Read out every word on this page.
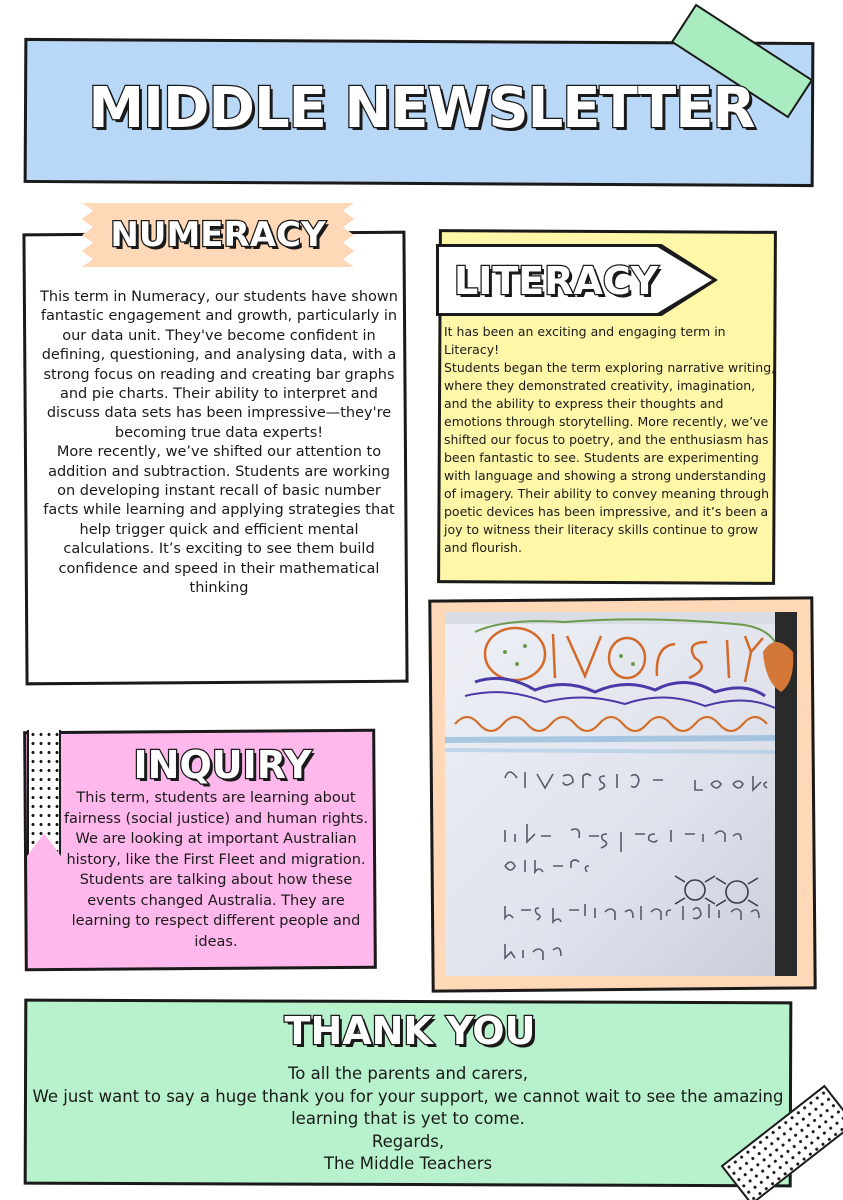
MIDDLE NEWSLETTER
NUMERACY
This term in Numeracy, our students have shown fantastic engagement and growth, particularly in our data unit. They've become confident in defining, questioning, and analysing data, with a strong focus on reading and creating bar graphs and pie charts. Their ability to interpret and discuss data sets has been impressive—they're becoming true data experts!
More recently, we’ve shifted our attention to addition and subtraction. Students are working on developing instant recall of basic number facts while learning and applying strategies that help trigger quick and efficient mental calculations. It’s exciting to see them build confidence and speed in their mathematical thinking
LITERACY
It has been an exciting and engaging term in Literacy!
Students began the term exploring narrative writing, where they demonstrated creativity, imagination, and the ability to express their thoughts and emotions through storytelling. More recently, we’ve shifted our focus to poetry, and the enthusiasm has been fantastic to see. Students are experimenting with language and showing a strong understanding of imagery. Their ability to convey meaning through poetic devices has been impressive, and it’s been a joy to witness their literacy skills continue to grow and flourish.
INQUIRY
This term, students are learning about fairness (social justice) and human rights. We are looking at important Australian history, like the First Fleet and migration. Students are talking about how these events changed Australia. They are learning to respect different people and ideas.
THANK YOU
To all the parents and carers,
We just want to say a huge thank you for your support, we cannot wait to see the amazing learning that is yet to come.
Regards,
The Middle Teachers
